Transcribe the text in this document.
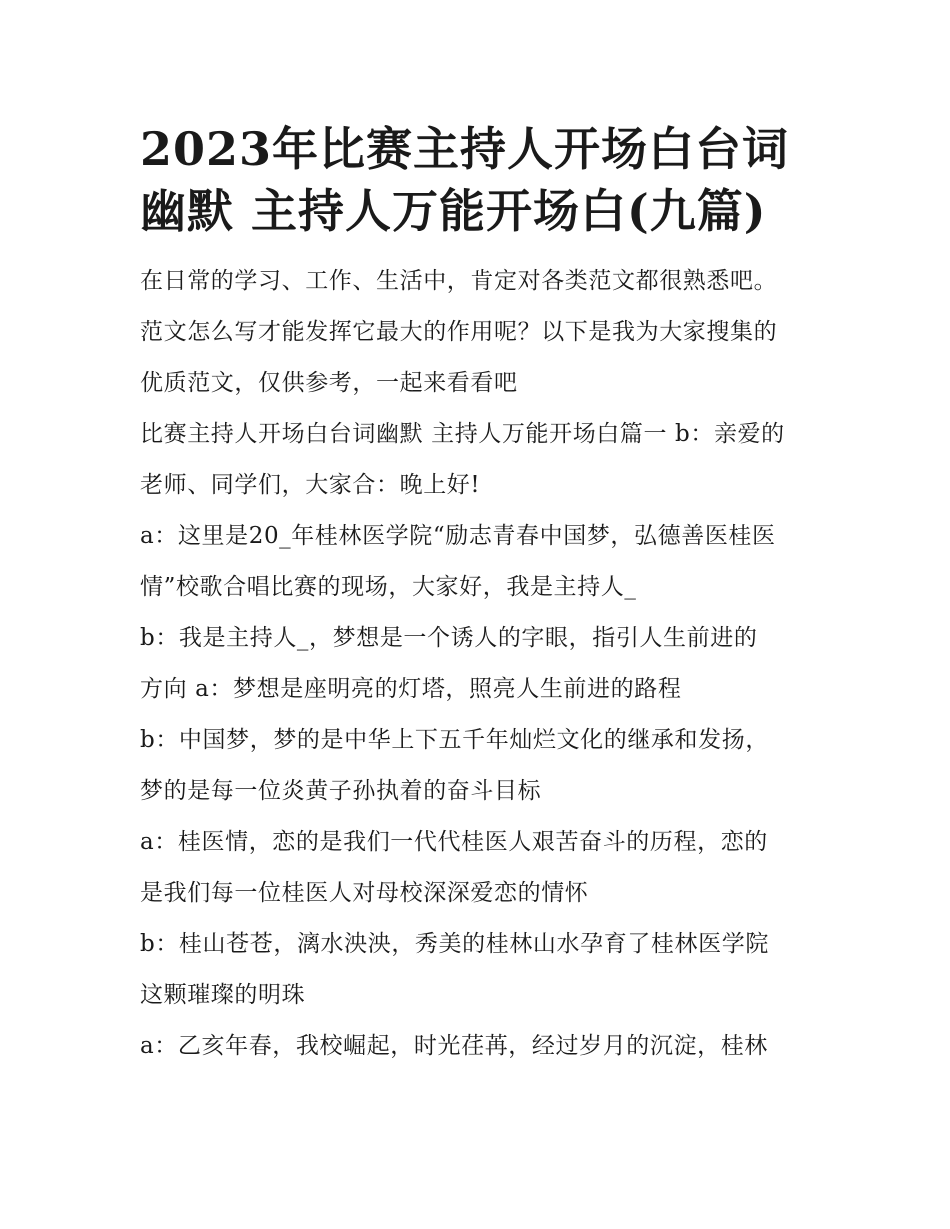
2023年比赛主持人开场白台词
幽默 主持人万能开场白(九篇)

在日常的学习、工作、生活中，肯定对各类范文都很熟悉吧。
范文怎么写才能发挥它最大的作用呢？以下是我为大家搜集的
优质范文，仅供参考，一起来看看吧

比赛主持人开场白台词幽默 主持人万能开场白篇一 b：亲爱的
老师、同学们，大家合：晚上好!

a：这里是20_年桂林医学院“励志青春中国梦，弘德善医桂医
情”校歌合唱比赛的现场，大家好，我是主持人_

b：我是主持人_，梦想是一个诱人的字眼，指引人生前进的
方向 a：梦想是座明亮的灯塔，照亮人生前进的路程

b：中国梦，梦的是中华上下五千年灿烂文化的继承和发扬，
梦的是每一位炎黄子孙执着的奋斗目标

a：桂医情，恋的是我们一代代桂医人艰苦奋斗的历程，恋的
是我们每一位桂医人对母校深深爱恋的情怀

b：桂山苍苍，漓水泱泱，秀美的桂林山水孕育了桂林医学院
这颗璀璨的明珠

a：乙亥年春，我校崛起，时光荏苒，经过岁月的沉淀，桂林
